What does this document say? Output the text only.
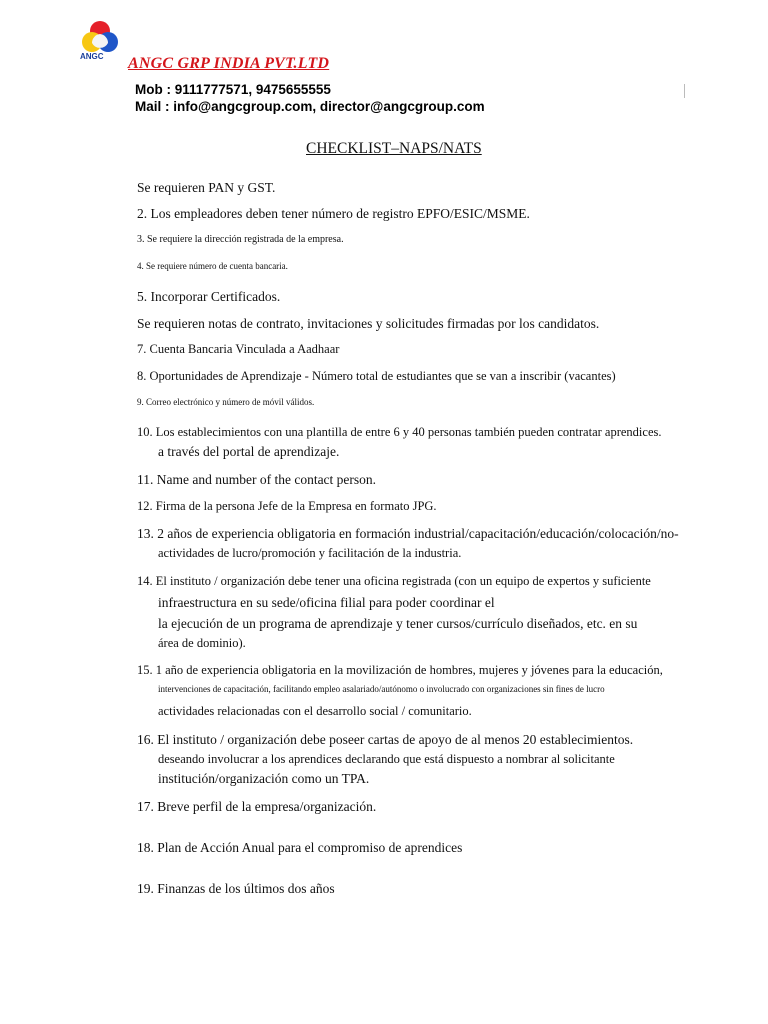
ANGC ANGC GRP INDIA PVT.LTD
Mob : 9111777571, 9475655555
Mail : info@angcgroup.com, director@angcgroup.com
CHECKLIST–NAPS/NATS
Se requieren PAN y GST.
2. Los empleadores deben tener número de registro EPFO/ESIC/MSME.
3. Se requiere la dirección registrada de la empresa.
4. Se requiere número de cuenta bancaria.
5. Incorporar Certificados.
Se requieren notas de contrato, invitaciones y solicitudes firmadas por los candidatos.
7. Cuenta Bancaria Vinculada a Aadhaar
8. Oportunidades de Aprendizaje - Número total de estudiantes que se van a inscribir (vacantes)
9. Correo electrónico y número de móvil válidos.
10. Los establecimientos con una plantilla de entre 6 y 40 personas también pueden contratar aprendices.
a través del portal de aprendizaje.
11. Name and number of the contact person.
12. Firma de la persona Jefe de la Empresa en formato JPG.
13. 2 años de experiencia obligatoria en formación industrial/capacitación/educación/colocación/no-
actividades de lucro/promoción y facilitación de la industria.
14. El instituto / organización debe tener una oficina registrada (con un equipo de expertos y suficiente
infraestructura en su sede/oficina filial para poder coordinar el
la ejecución de un programa de aprendizaje y tener cursos/currículo diseñados, etc. en su
área de dominio).
15. 1 año de experiencia obligatoria en la movilización de hombres, mujeres y jóvenes para la educación,
intervenciones de capacitación, facilitando empleo asalariado/autónomo o involucrado con organizaciones sin fines de lucro
actividades relacionadas con el desarrollo social / comunitario.
16. El instituto / organización debe poseer cartas de apoyo de al menos 20 establecimientos.
deseando involucrar a los aprendices declarando que está dispuesto a nombrar al solicitante
institución/organización como un TPA.
17. Breve perfil de la empresa/organización.
18. Plan de Acción Anual para el compromiso de aprendices
19. Finanzas de los últimos dos años
